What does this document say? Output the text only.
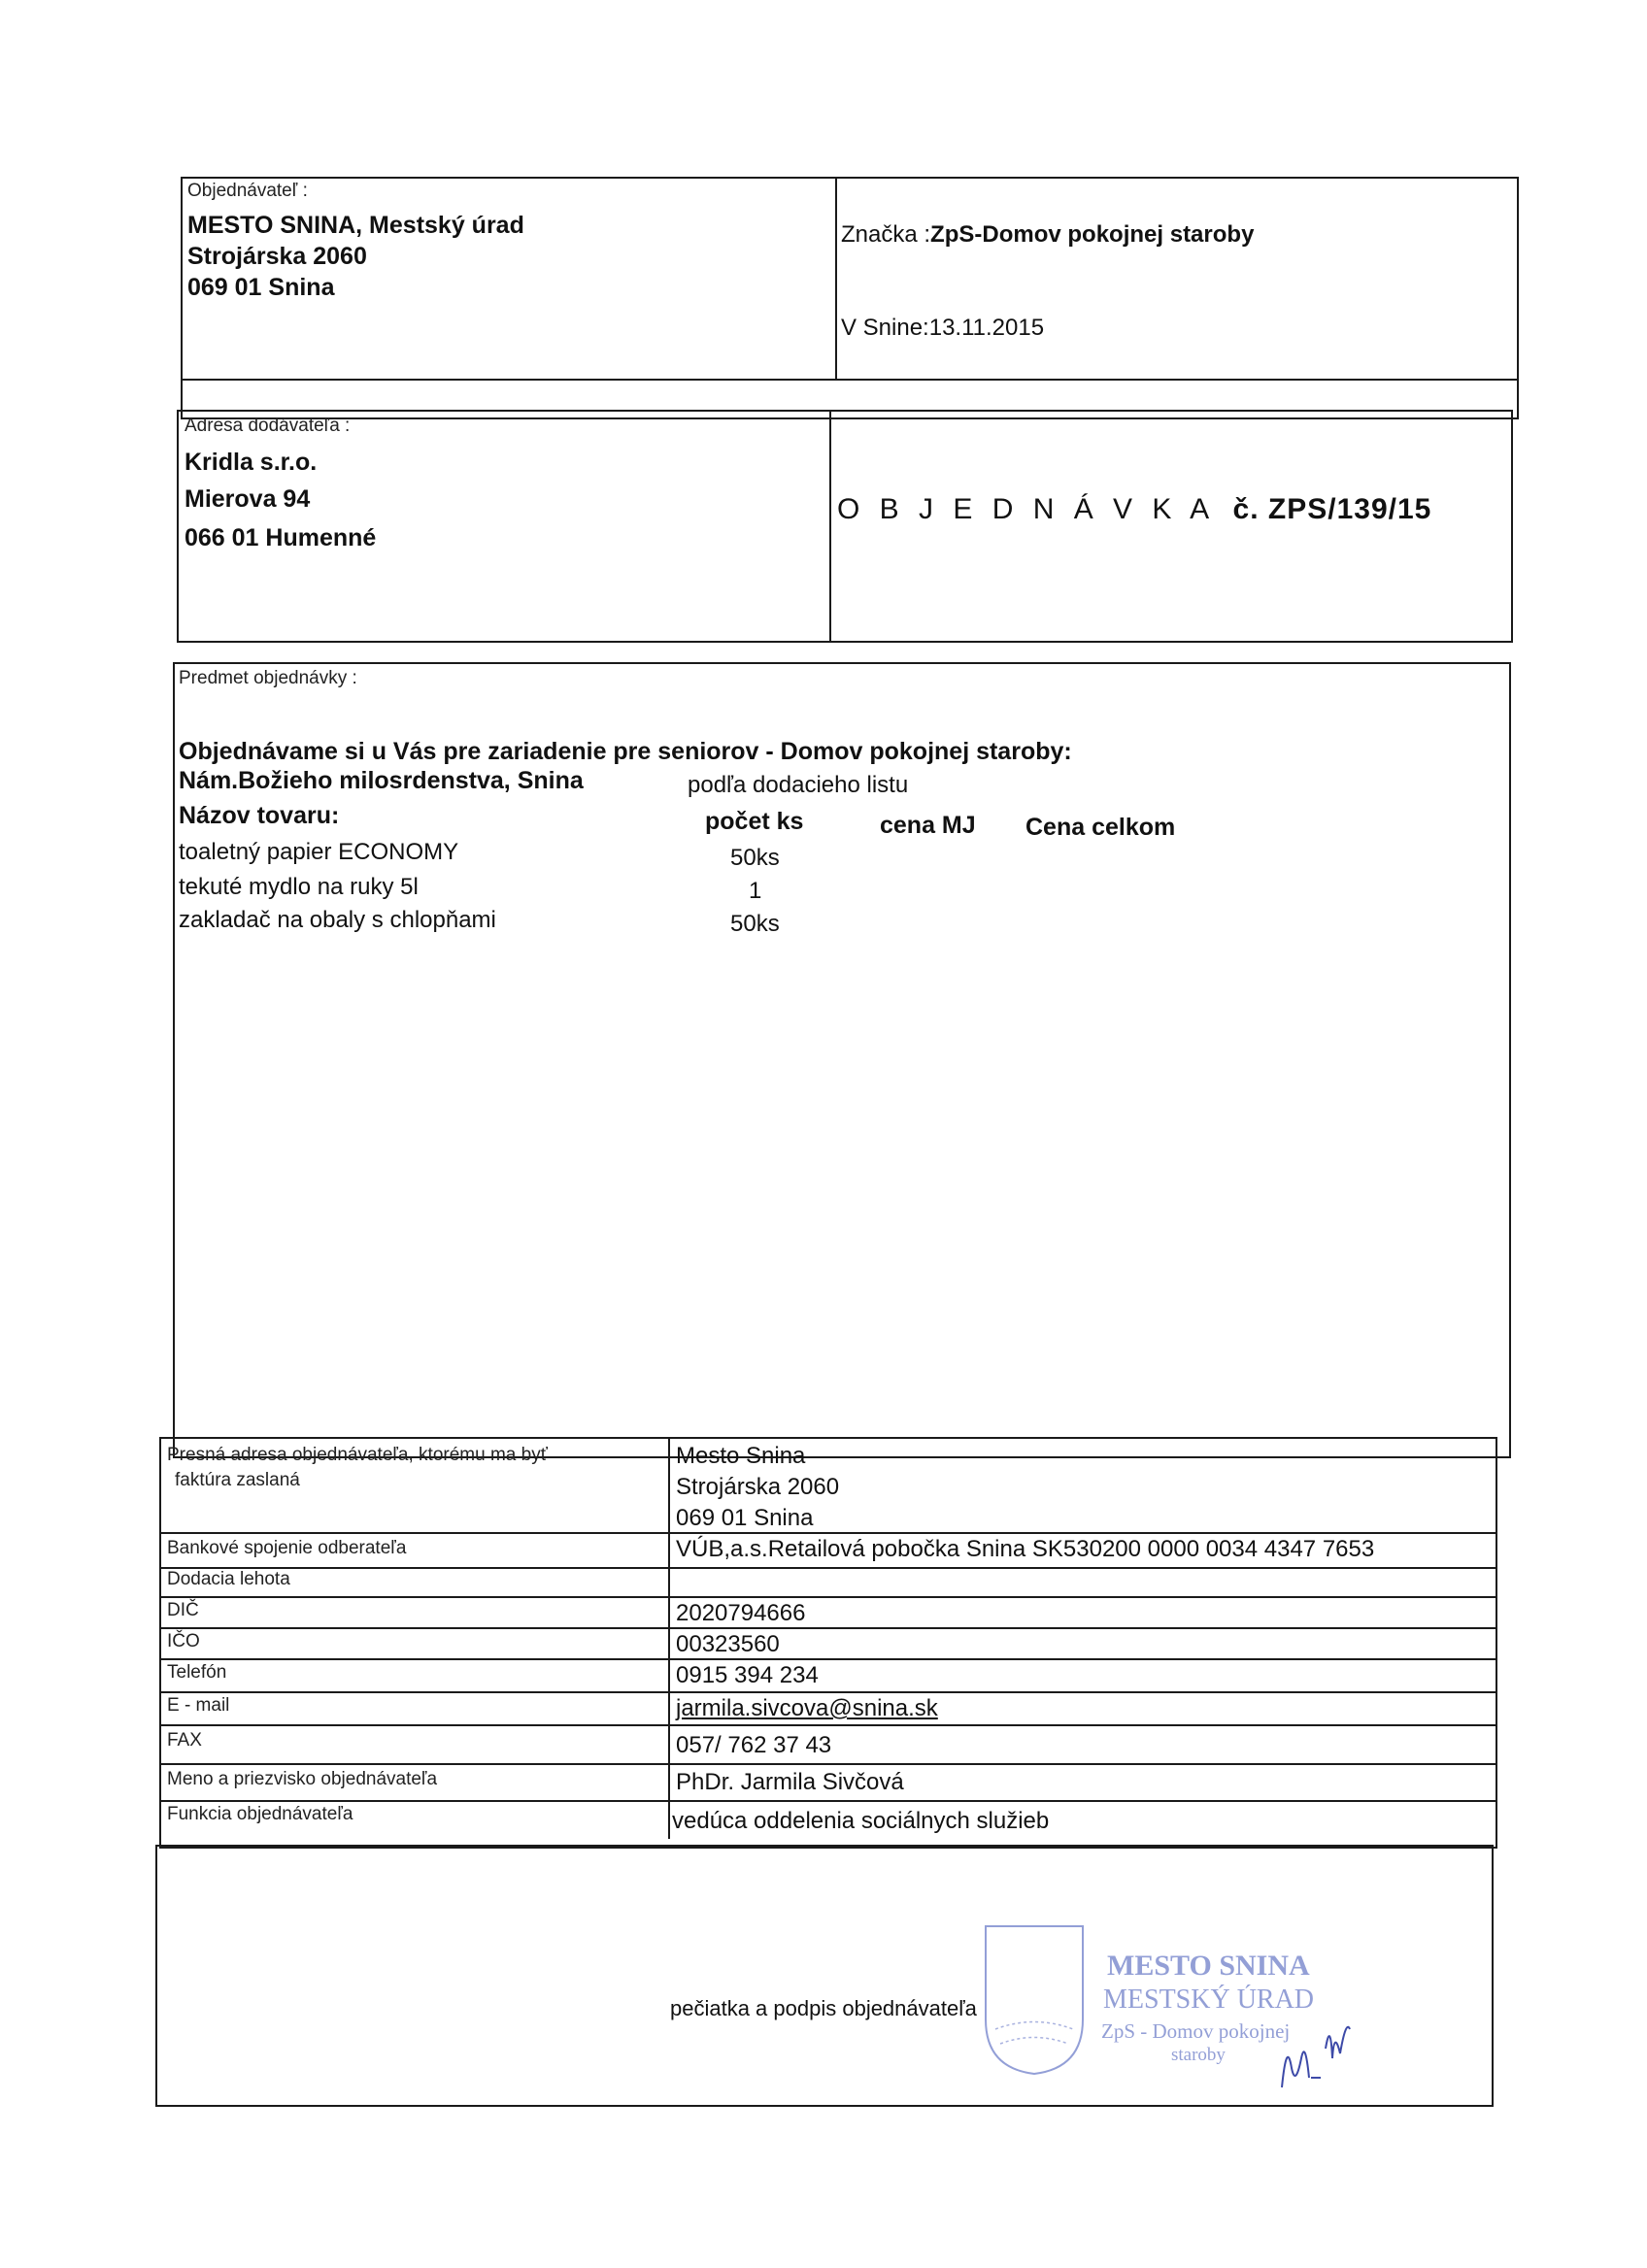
Objednávateľ :
MESTO SNINA, Mestský úrad
Strojárska 2060
069 01 Snina
Značka :ZpS-Domov pokojnej staroby
V Snine:13.11.2015
Adresa dodávateľa :
Kridla s.r.o.
Mierova 94
066 01 Humenné
O B J E D N Á V K A č. ZPS/139/15
Predmet objednávky :
Objednávame si u Vás pre zariadenie pre seniorov - Domov pokojnej staroby:
Nám.Božieho milosrdenstva, Snina	podľa dodacieho listu
Názov tovaru:	počet ks	cena MJ Cena celkom
toaletný papier ECONOMY	50ks
tekuté mydlo na ruky 5l	1
zakladač na obaly s chlopňami	50ks
Presná adresa objednávateľa, ktorému ma byť
faktúra zaslaná
Mesto Snina
Strojárska 2060
069 01 Snina
Bankové spojenie odberateľa	VÚB,a.s.Retailová pobočka Snina SK530200 0000 0034 4347 7653
Dodacia lehota
DIČ	2020794666
IČO	00323560
Telefón	0915 394 234
E - mail	jarmila.sivcova@snina.sk
FAX	057/ 762 37 43
Meno a priezvisko objednávateľa	PhDr. Jarmila Sivčová
Funkcia objednávateľa	vedúca oddelenia sociálnych služieb
pečiatka a podpis objednávateľa
MESTO SNINA
MESTSKÝ ÚRAD
ZpS - Domov pokojnej
staroby
